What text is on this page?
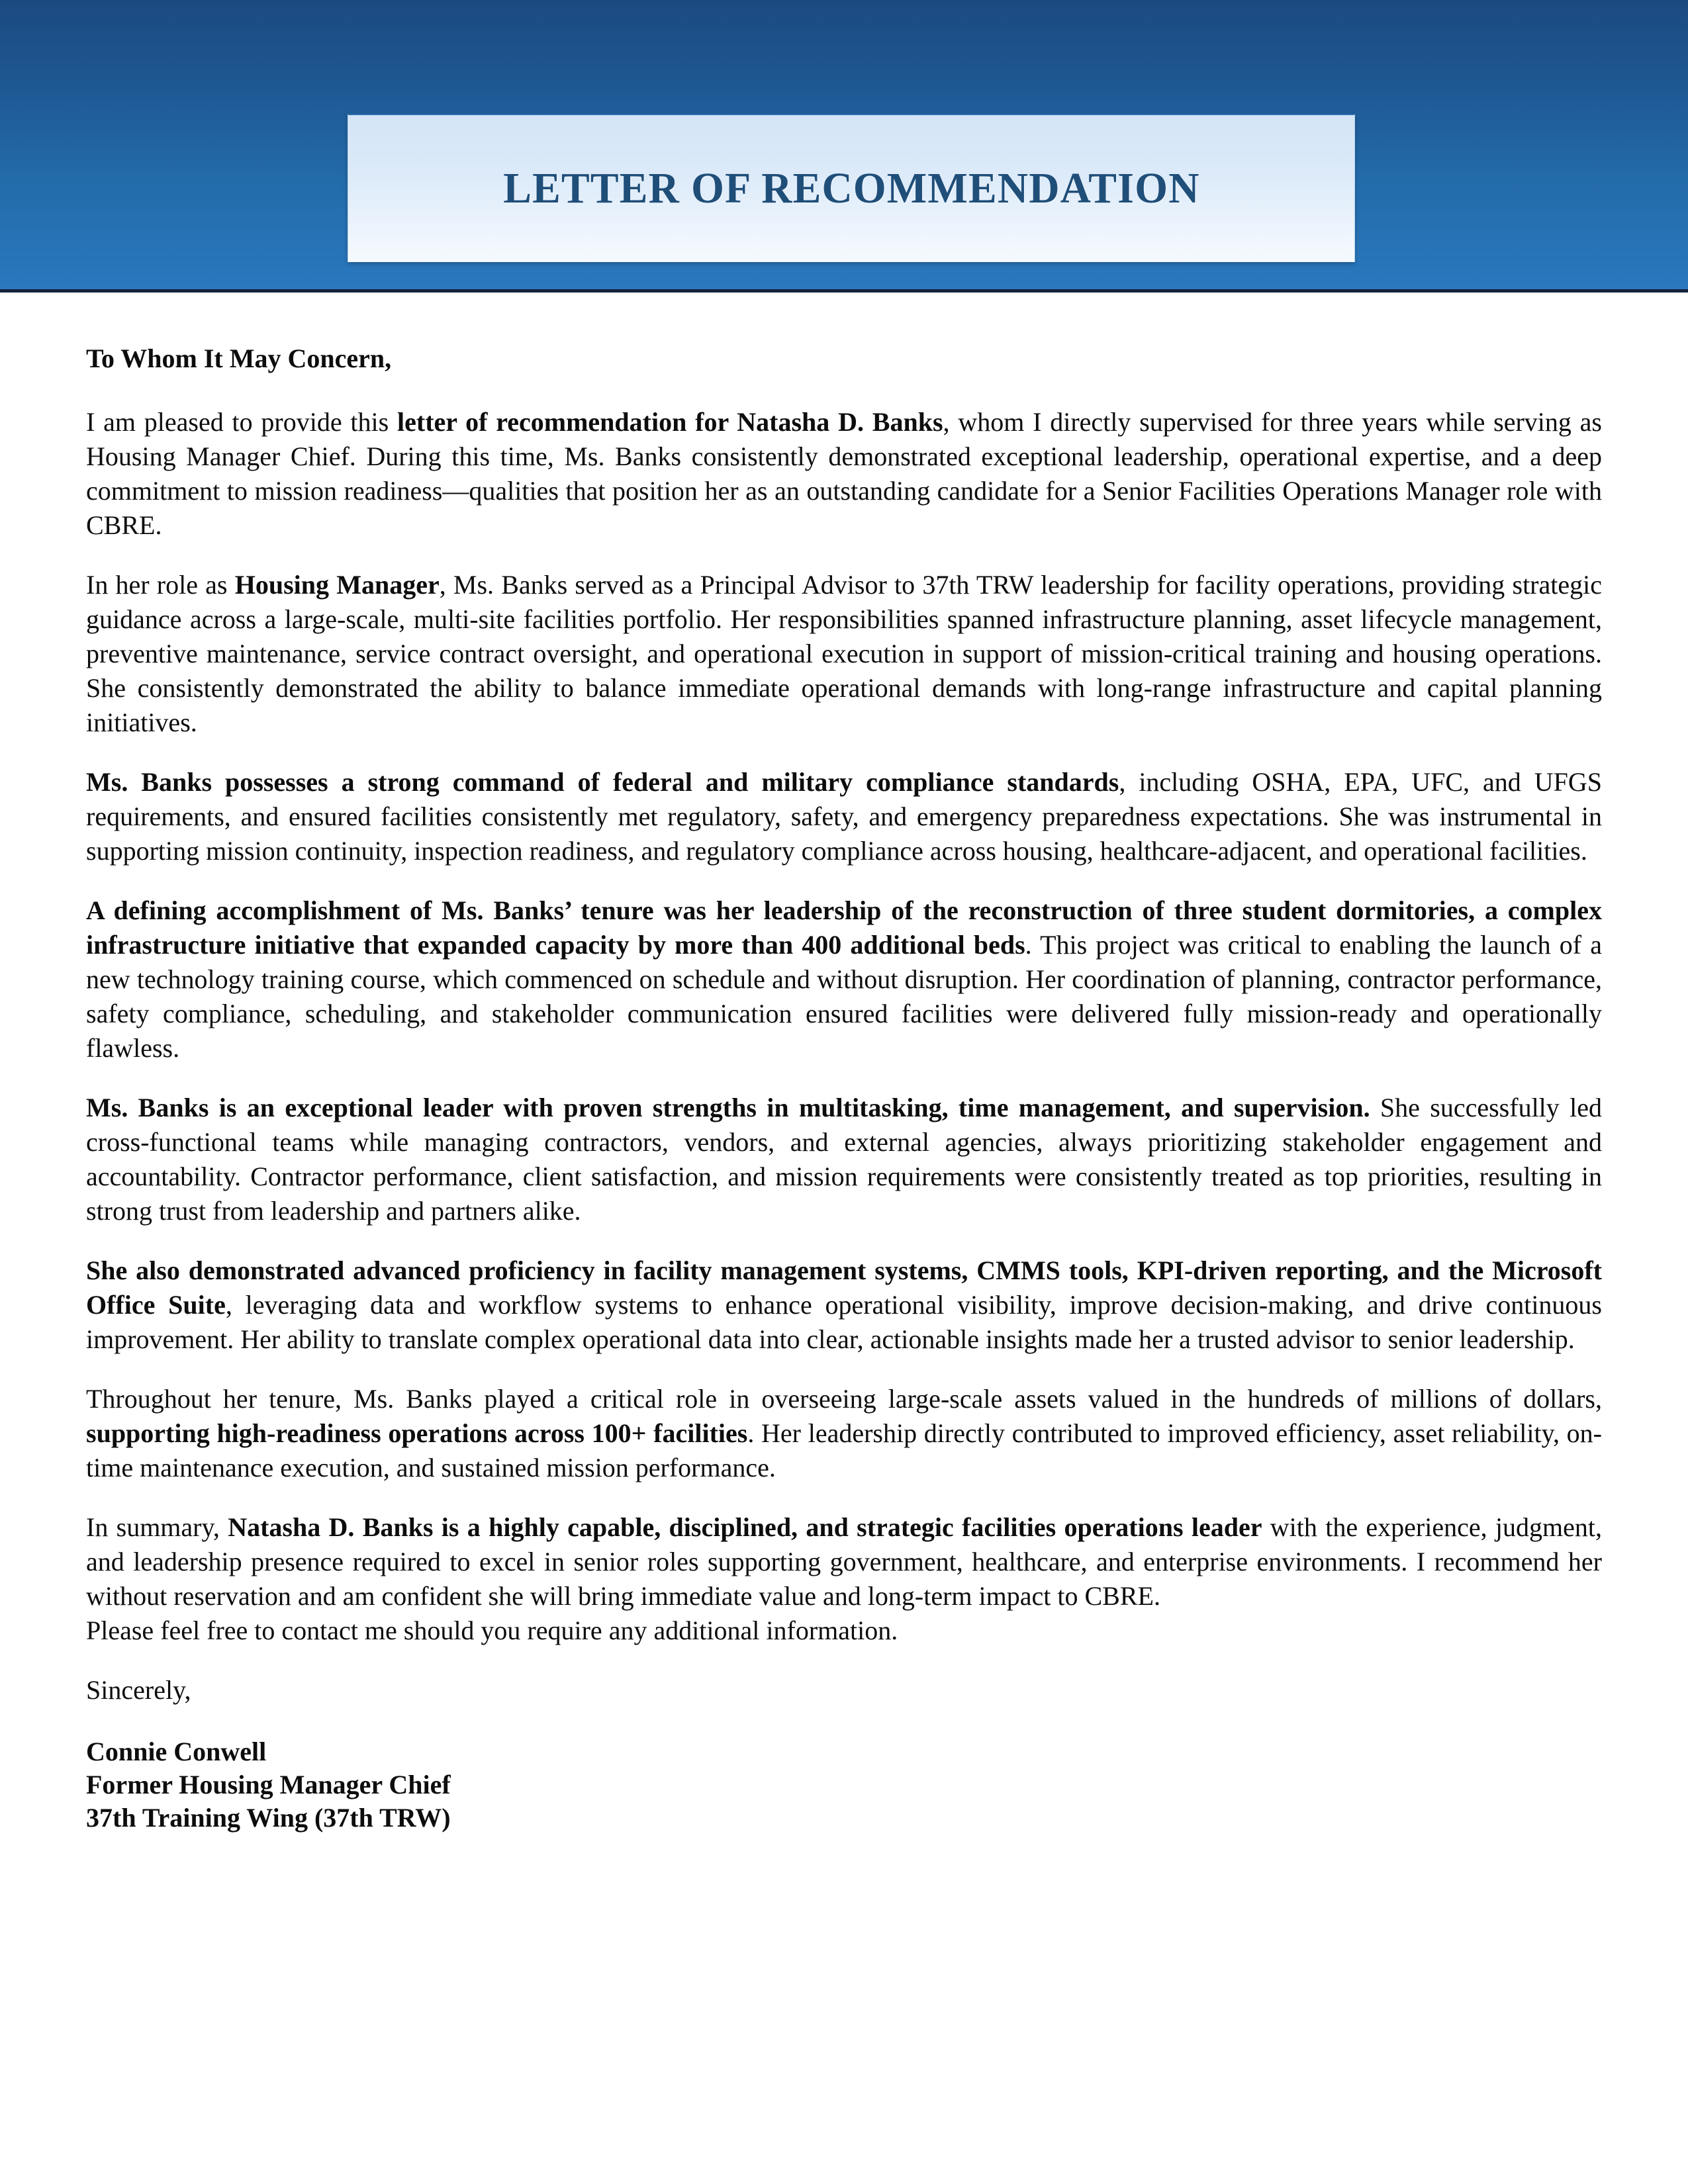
LETTER OF RECOMMENDATION

To Whom It May Concern,

I am pleased to provide this letter of recommendation for Natasha D. Banks, whom I directly supervised for three years while serving as Housing Manager Chief. During this time, Ms. Banks consistently demonstrated exceptional leadership, operational expertise, and a deep commitment to mission readiness—qualities that position her as an outstanding candidate for a Senior Facilities Operations Manager role with CBRE.

In her role as Housing Manager, Ms. Banks served as a Principal Advisor to 37th TRW leadership for facility operations, providing strategic guidance across a large-scale, multi-site facilities portfolio. Her responsibilities spanned infrastructure planning, asset lifecycle management, preventive maintenance, service contract oversight, and operational execution in support of mission-critical training and housing operations. She consistently demonstrated the ability to balance immediate operational demands with long-range infrastructure and capital planning initiatives.

Ms. Banks possesses a strong command of federal and military compliance standards, including OSHA, EPA, UFC, and UFGS requirements, and ensured facilities consistently met regulatory, safety, and emergency preparedness expectations. She was instrumental in supporting mission continuity, inspection readiness, and regulatory compliance across housing, healthcare-adjacent, and operational facilities.

A defining accomplishment of Ms. Banks’ tenure was her leadership of the reconstruction of three student dormitories, a complex infrastructure initiative that expanded capacity by more than 400 additional beds. This project was critical to enabling the launch of a new technology training course, which commenced on schedule and without disruption. Her coordination of planning, contractor performance, safety compliance, scheduling, and stakeholder communication ensured facilities were delivered fully mission-ready and operationally flawless.

Ms. Banks is an exceptional leader with proven strengths in multitasking, time management, and supervision. She successfully led cross-functional teams while managing contractors, vendors, and external agencies, always prioritizing stakeholder engagement and accountability. Contractor performance, client satisfaction, and mission requirements were consistently treated as top priorities, resulting in strong trust from leadership and partners alike.

She also demonstrated advanced proficiency in facility management systems, CMMS tools, KPI-driven reporting, and the Microsoft Office Suite, leveraging data and workflow systems to enhance operational visibility, improve decision-making, and drive continuous improvement. Her ability to translate complex operational data into clear, actionable insights made her a trusted advisor to senior leadership.

Throughout her tenure, Ms. Banks played a critical role in overseeing large-scale assets valued in the hundreds of millions of dollars, supporting high-readiness operations across 100+ facilities. Her leadership directly contributed to improved efficiency, asset reliability, on-time maintenance execution, and sustained mission performance.

In summary, Natasha D. Banks is a highly capable, disciplined, and strategic facilities operations leader with the experience, judgment, and leadership presence required to excel in senior roles supporting government, healthcare, and enterprise environments. I recommend her without reservation and am confident she will bring immediate value and long-term impact to CBRE.

Please feel free to contact me should you require any additional information.

Sincerely,

Connie Conwell
Former Housing Manager Chief
37th Training Wing (37th TRW)
